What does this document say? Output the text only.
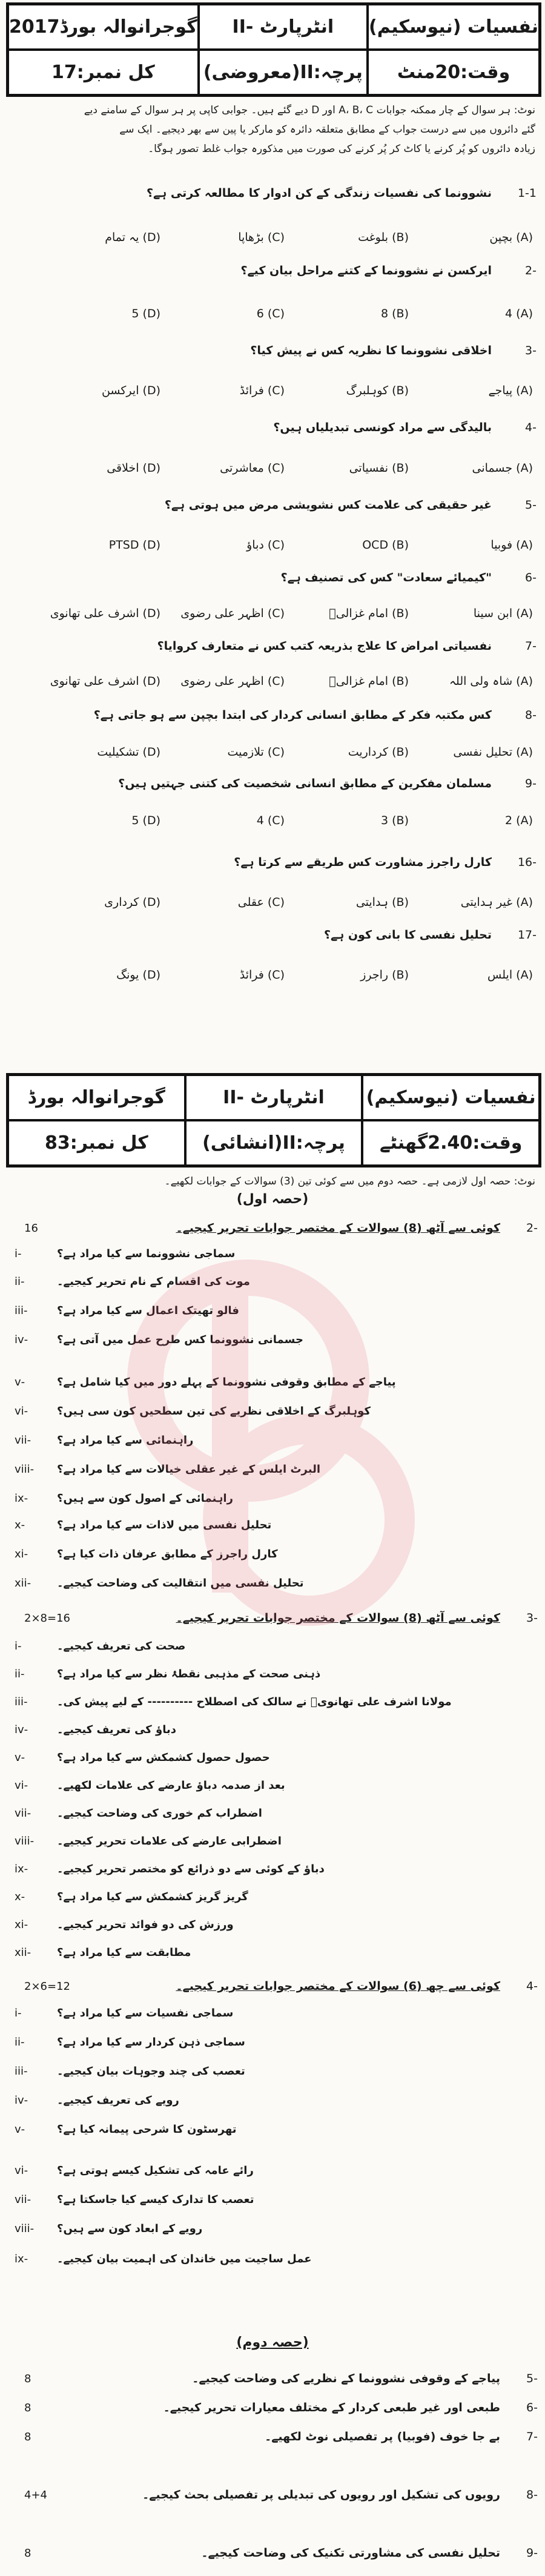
گوجرانوالہ بورڈ2017	انٹرپارٹ -II	نفسیات (نیوسکیم)
کل نمبر:17	پرچہ:II(معروضی)	وقت:20منٹ
نوٹ: ہر سوال کے چار ممکنہ جوابات A، B، C اور D دیے گئے ہیں۔ جوابی کاپی پر ہر سوال کے سامنے دیے
گئے دائروں میں سے درست جواب کے مطابق متعلقہ دائرہ کو مارکر یا پین سے بھر دیجیے۔ ایک سے
زیادہ دائروں کو پُر کرنے یا کاٹ کر پُر کرنے کی صورت میں مذکورہ جواب غلط تصور ہوگا۔
1-1
نشوونما کی نفسیات زندگی کے کن ادوار کا مطالعہ کرتی ہے؟
(A) بچپن
(B) بلوغت
(C) بڑھاپا
(D) یہ تمام
-2
ایرکسن نے نشوونما کے کتنے مراحل بیان کیے؟
(A) 4
(B) 8
(C) 6
(D) 5
-3
اخلاقی نشوونما کا نظریہ کس نے پیش کیا؟
(A) پیاجے
(B) کوہلبرگ
(C) فرائڈ
(D) ایرکسن
-4
بالیدگی سے مراد کونسی تبدیلیاں ہیں؟
(A) جسمانی
(B) نفسیاتی
(C) معاشرتی
(D) اخلاقی
-5
غیر حقیقی کی علامت کس نشویشی مرض میں ہوتی ہے؟
(A) فوبیا
(B) OCD
(C) دباؤ
(D) PTSD
-6
"کیمیائے سعادت" کس کی تصنیف ہے؟
(A) ابن سینا
(B) امام غزالیؒ
(C) اظہر علی رضوی
(D) اشرف علی تھانوی
-7
نفسیاتی امراض کا علاج بذریعہ کتب کس نے متعارف کروایا؟
(A) شاہ ولی اللہ
(B) امام غزالیؒ
(C) اظہر علی رضوی
(D) اشرف علی تھانوی
-8
کس مکتبہ فکر کے مطابق انسانی کردار کی ابتدا بچپن سے ہو جاتی ہے؟
(A) تحلیل نفسی
(B) کرداریت
(C) تلازمیت
(D) تشکیلیت
-9
مسلمان مفکرین کے مطابق انسانی شخصیت کی کتنی جہتیں ہیں؟
(A) 2
(B) 3
(C) 4
(D) 5
-16
کارل راجرز مشاورت کس طریقے سے کرتا ہے؟
(A) غیر ہدایتی
(B) ہدایتی
(C) عقلی
(D) کرداری
-17
تحلیل نفسی کا بانی کون ہے؟
(A) ایلس
(B) راجرز
(C) فرائڈ
(D) یونگ
گوجرانوالہ بورڈ	انٹرپارٹ -II	نفسیات (نیوسکیم)
کل نمبر:83	پرچہ:II(انشائی)	وقت:2.40گھنٹے
نوٹ: حصہ اول لازمی ہے۔ حصہ دوم میں سے کوئی تین (3) سوالات کے جوابات لکھیے۔
(حصہ اول)
-2
کوئی سے آٹھ (8) سوالات کے مختصر جوابات تحریر کیجیے۔
16
-i	سماجی نشوونما سے کیا مراد ہے؟
-ii	موت کی اقسام کے نام تحریر کیجیے۔
-iii	فالو تھیتک اعمال سے کیا مراد ہے؟
-iv	جسمانی نشوونما کس طرح عمل میں آتی ہے؟
-v	پیاجے کے مطابق وقوفی نشوونما کے پہلے دور میں کیا شامل ہے؟
-vi	کوہلبرگ کے اخلاقی نظریے کی تین سطحیں کون سی ہیں؟
-vii	راہنمائی سے کیا مراد ہے؟
-viii	البرٹ ایلس کے غیر عقلی خیالات سے کیا مراد ہے؟
-ix	راہنمائی کے اصول کون سے ہیں؟
-x	تحلیل نفسی میں لاذات سے کیا مراد ہے؟
-xi	کارل راجرز کے مطابق عرفان ذات کیا ہے؟
-xii	تحلیل نفسی میں انتقالیت کی وضاحت کیجیے۔
-3
کوئی سے آٹھ (8) سوالات کے مختصر جوابات تحریر کیجیے۔
2×8=16
-i	صحت کی تعریف کیجیے۔
-ii	ذہنی صحت کے مذہبی نقطۂ نظر سے کیا مراد ہے؟
-iii	مولانا اشرف علی تھانویؒ نے سالک کی اصطلاح ---------- کے لیے پیش کی۔
-iv	دباؤ کی تعریف کیجیے۔
-v	حصول حصول کشمکش سے کیا مراد ہے؟
-vi	بعد از صدمہ دباؤ عارضے کی علامات لکھیے۔
-vii	اضطراب کم خوری کی وضاحت کیجیے۔
-viii	اضطرابی عارضے کی علامات تحریر کیجیے۔
-ix	دباؤ کے کوئی سے دو ذرائع کو مختصر تحریر کیجیے۔
-x	گریز گریز کشمکش سے کیا مراد ہے؟
-xi	ورزش کی دو فوائد تحریر کیجیے۔
-xii	مطابقت سے کیا مراد ہے؟
-4
کوئی سے چھ (6) سوالات کے مختصر جوابات تحریر کیجیے۔
2×6=12
-i	سماجی نفسیات سے کیا مراد ہے؟
-ii	سماجی ذہن کردار سے کیا مراد ہے؟
-iii	تعصب کی چند وجوہات بیان کیجیے۔
-iv	رویے کی تعریف کیجیے۔
-v	تھرسٹون کا شرحی پیمانہ کیا ہے؟
-vi	رائے عامہ کی تشکیل کیسے ہوتی ہے؟
-vii	تعصب کا تدارک کیسے کیا جاسکتا ہے؟
-viii	رویے کے ابعاد کون سے ہیں؟
-ix	عمل ساجیت میں خاندان کی اہمیت بیان کیجیے۔
(حصہ دوم)
-5
پیاجے کے وقوفی نشوونما کے نظریے کی وضاحت کیجیے۔
8
-6
طبعی اور غیر طبعی کردار کے مختلف معیارات تحریر کیجیے۔
8
-7
بے جا خوف (فوبیا) پر تفصیلی نوٹ لکھیے۔
8
-8
رویوں کی تشکیل اور رویوں کی تبدیلی پر تفصیلی بحث کیجیے۔
4+4
-9
تحلیل نفسی کی مشاورتی تکنیک کی وضاحت کیجیے۔
8
